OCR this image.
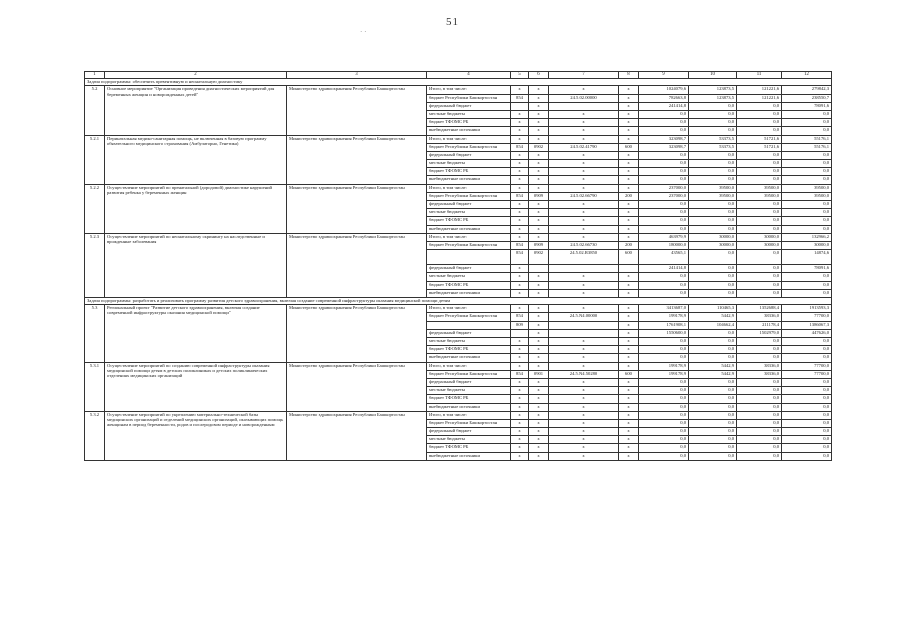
· ·
51
1	2	3	4	5	6	7	8	9	10	11	12
Задача подпрограммы: обеспечить превентивную и неонатальную диагностику											
5.2	Основное мероприятие "Организация проведения диагностических мероприятий для беременных женщин и новорожденных детей"	Министерство здравоохранения Республики Башкортостан	Итого, в том числе:	x	x	x	x	1024079,6	123873,5	121221,6	279842,3
			бюджет Республики Башкортостан	854	x	24.5.02.00000	x	782663,8	123873,5	121221,6	238550,7
			федеральный бюджет		x		x	241414,8	0,0	0,0	78091,6
			местные бюджеты	x	x	x	x	0,0	0,0	0,0	0,0
			бюджет ТФОМС РБ	x	x	x	x	0,0	0,0	0,0	0,0
			внебюджетные источники	x	x	x	x	0,0	0,0	0,0	0,0
5.2.1	Перинатальная медико-санитарная помощь, не включенная в базовую программу обязательного медицинского страхования (Амбулаторно, Генетика)	Министерство здравоохранения Республики Башкортостан	Итого, в том числе:	x	x	x	x	323098,7	53373,5	51721,6	55176,1
			бюджет Республики Башкортостан	854	0902	24.5.02.41790	600	323098,7	53373,5	51721,6	55176,1
			федеральный бюджет	x	x	x	x	0,0	0,0	0,0	0,0
			местные бюджеты	x	x	x	x	0,0	0,0	0,0	0,0
			бюджет ТФОМС РБ	x	x	x	x	0,0	0,0	0,0	0,0
			внебюджетные источники	x	x	x	x	0,0	0,0	0,0	0,0
5.2.2	Осуществление мероприятий по пренатальной (дородовой) диагностике нарушений развития ребенка у беременных женщин	Министерство здравоохранения Республики Башкортостан	Итого, в том числе:	x	x	x	x	237000,0	39500,0	39500,0	39500,0
			бюджет Республики Башкортостан	854	0909	24.5.02.66790	200	237000,0	39500,0	39500,0	39500,0
			федеральный бюджет	x	x	x	x	0,0	0,0	0,0	0,0
			местные бюджеты	x	x	x	x	0,0	0,0	0,0	0,0
			бюджет ТФОМС РБ	x	x	x	x	0,0	0,0	0,0	0,0
			внебюджетные источники	x	x	x	x	0,0	0,0	0,0	0,0
5.2.3	Осуществление мероприятий по неонатальному скринингу на наследственные и врожденные заболевания	Министерство здравоохранения Республики Башкортостан	Итого, в том числе:	x	x	x	x	463979,9	30000,0	30000,0	132966,2
			бюджет Республики Башкортостан	854	0909	24.5.02.66730	200	180000,0	30000,0	30000,0	30000,0
				854	0902	24.5.02.R3850	600	43565,1	0,0	0,0	14874,6
			федеральный бюджет	x				241414,8	0,0	0,0	78091,6
			местные бюджеты	x	x	x	x	0,0	0,0	0,0	0,0
			бюджет ТФОМС РБ	x	x	x	x	0,0	0,0	0,0	0,0
			внебюджетные источники	x	x	x	x	0,0	0,0	0,0	0,0
Задача подпрограммы: разработать и реализовать программу развития детского здравоохранения, включая создание современной инфраструктуры оказания медицинской помощи детям											
5.3	Региональный проект "Развитие детского здравоохранения, включая создание современной инфраструктуры оказания медицинской помощи"	Министерство здравоохранения Республики Башкортостан	Итого, в том числе:	x	x	x	x	3413687,0	110465,3	1352688,4	1913593,3
			бюджет Республики Башкортостан	854	x	24.5.N4.00000	x	199178,9	5442,9	38336,0	77700,0
				809	x		x	1761908,1	104662,4	211178,4	1386067,3
			федеральный бюджет		x		x	1550600,0	0,0	1502979,0	447626,0
			местные бюджеты	x	x	x	x	0,0	0,0	0,0	0,0
			бюджет ТФОМС РБ	x	x	x	x	0,0	0,0	0,0	0,0
			внебюджетные источники	x	x	x	x	0,0	0,0	0,0	0,0
5.3.1	Осуществление мероприятий по созданию современной инфраструктуры оказания медицинской помощи детям в детских поликлиниках и детских поликлинических отделениях медицинских организаций	Министерство здравоохранения Республики Башкортостан	Итого, в том числе:	x	x	x	x	199178,9	5442,9	38336,0	77700,0
			бюджет Республики Башкортостан	854	0901	24.5.N4.50280	600	199178,9	5442,9	38336,0	77700,0
			федеральный бюджет	x	x	x	x	0,0	0,0	0,0	0,0
			местные бюджеты	x	x	x	x	0,0	0,0	0,0	0,0
			бюджет ТФОМС РБ	x	x	x	x	0,0	0,0	0,0	0,0
			внебюджетные источники	x	x	x	x	0,0	0,0	0,0	0,0
5.3.2	Осуществление мероприятий по укреплению материально-технической базы медицинских организаций и отделений медицинских организаций, оказывающих помощь женщинам в период беременности, родов и послеродовом периоде и новорожденным	Министерство здравоохранения Республики Башкортостан	Итого, в том числе:	x	x	x	x	0,0	0,0	0,0	0,0
			бюджет Республики Башкортостан	x	x	x	x	0,0	0,0	0,0	0,0
			федеральный бюджет	x	x	x	x	0,0	0,0	0,0	0,0
			местные бюджеты	x	x	x	x	0,0	0,0	0,0	0,0
			бюджет ТФОМС РБ	x	x	x	x	0,0	0,0	0,0	0,0
			внебюджетные источники	x	x	x	x	0,0	0,0	0,0	0,0
